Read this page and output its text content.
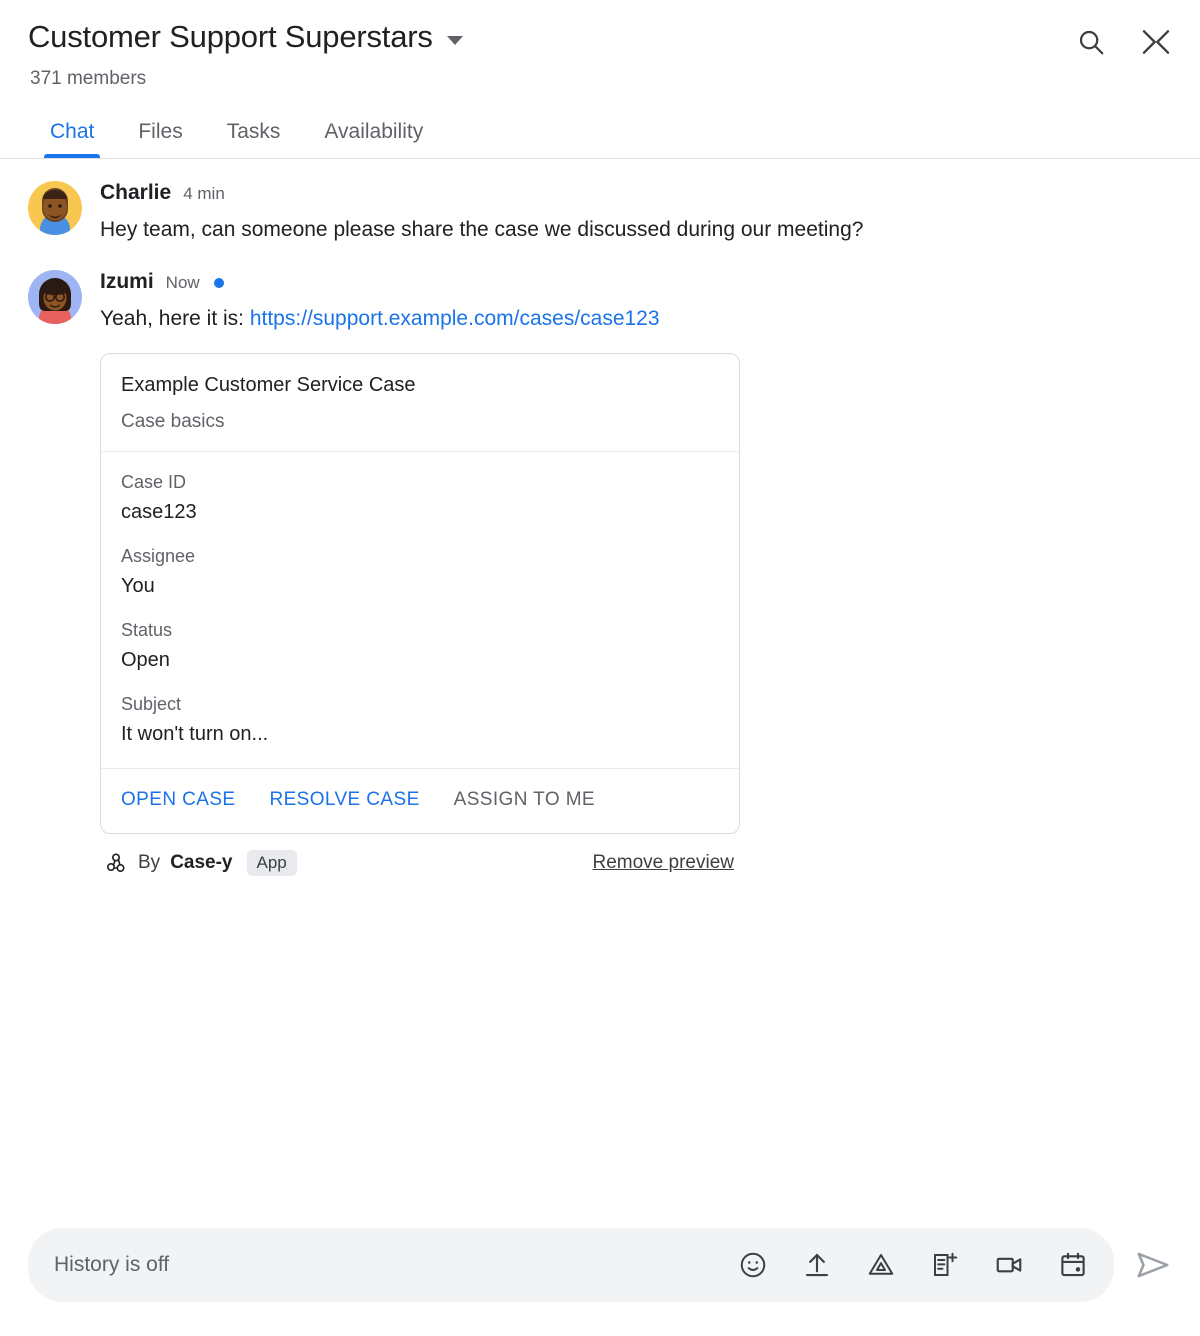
Customer Support Superstars
371 members
Chat	Files	Tasks	Availability
Charlie 4 min
Hey team, can someone please share the case we discussed during our meeting?
Izumi Now
Yeah, here it is: https://support.example.com/cases/case123
Example Customer Service Case
Case basics
Case ID
case123
Assignee
You
Status
Open
Subject
It won't turn on...
OPEN CASE RESOLVE CASE ASSIGN TO ME
By Case-y	App	Remove preview
History is off
